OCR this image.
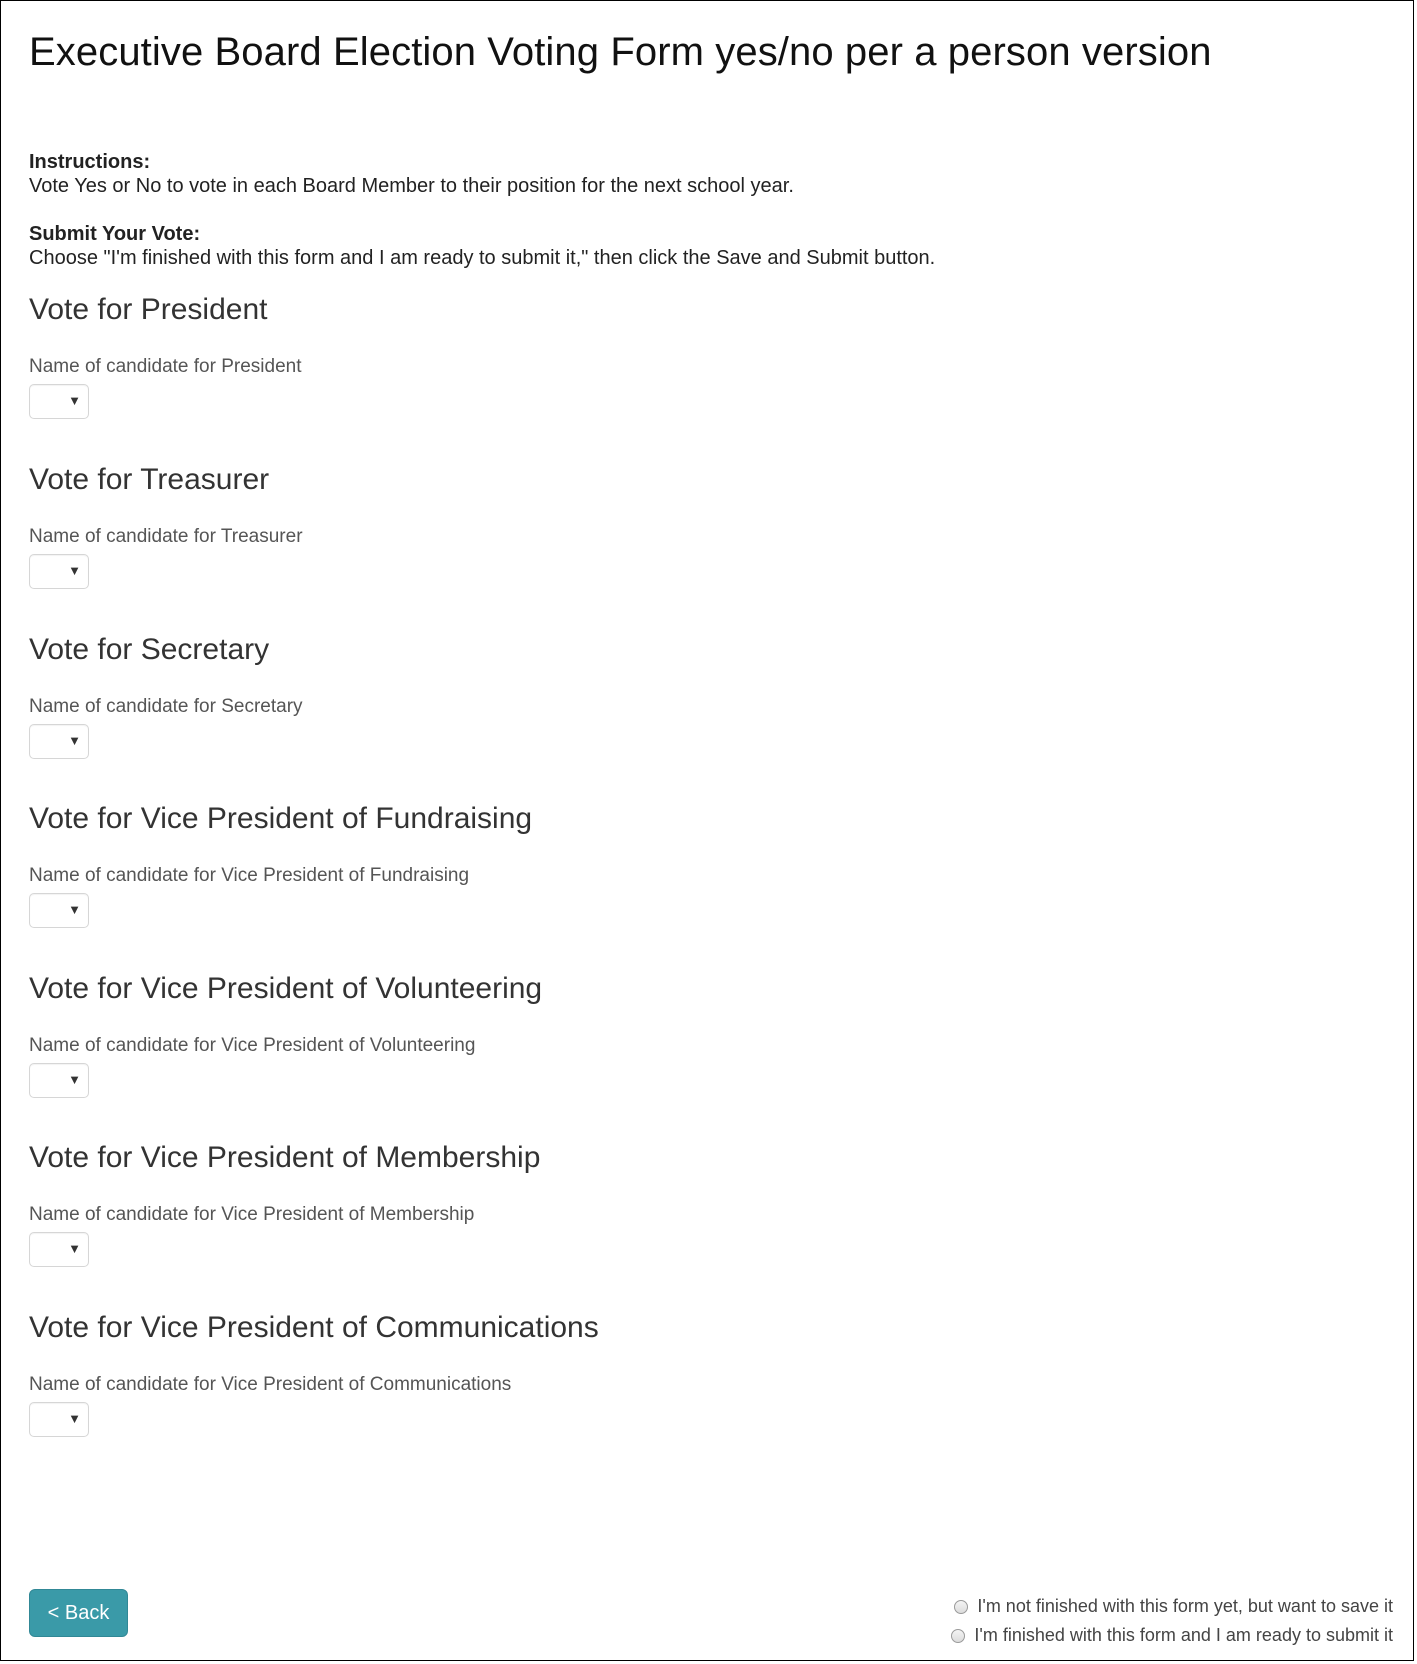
Executive Board Election Voting Form yes/no per a person version
Instructions:
Vote Yes or No to vote in each Board Member to their position for the next school year.
Submit Your Vote:
Choose "I'm finished with this form and I am ready to submit it," then click the Save and Submit button.
Vote for President
Name of candidate for President
▼
Vote for Treasurer
Name of candidate for Treasurer
▼
Vote for Secretary
Name of candidate for Secretary
▼
Vote for Vice President of Fundraising
Name of candidate for Vice President of Fundraising
▼
Vote for Vice President of Volunteering
Name of candidate for Vice President of Volunteering
▼
Vote for Vice President of Membership
Name of candidate for Vice President of Membership
▼
Vote for Vice President of Communications
Name of candidate for Vice President of Communications
▼
< Back	I'm not finished with this form yet, but want to save it
I'm finished with this form and I am ready to submit it
